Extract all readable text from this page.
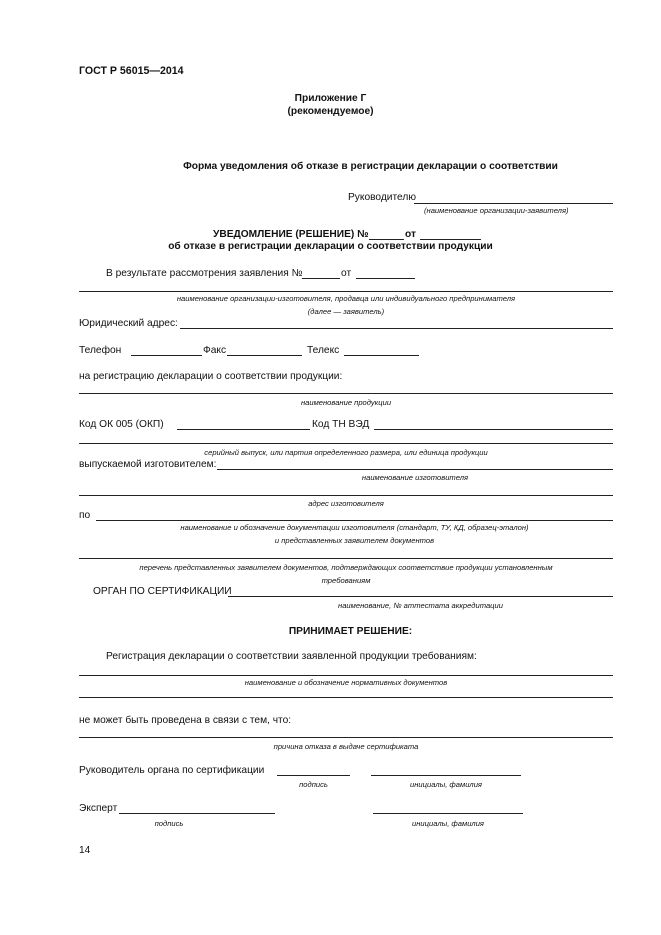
ГОСТ Р 56015—2014
Приложение Г
(рекомендуемое)
Форма уведомления об отказе в регистрации декларации о соответствии
Руководителю
(наименование организации-заявителя)
УВЕДОМЛЕНИЕ (РЕШЕНИЕ) №	от
об отказе в регистрации декларации о соответствии продукции
В результате рассмотрения заявления №	от
наименование организации-изготовителя, продавца или индивидуального предпринимателя
(далее — заявитель)
Юридический адрес:
Телефон	Факс	Телекс
на регистрацию декларации о соответствии продукции:
наименование продукции
Код ОК 005 (ОКП)	Код ТН ВЭД
серийный выпуск, или партия определенного размера, или единица продукции
выпускаемой изготовителем:
наименование изготовителя
адрес изготовителя
по
наименование и обозначение документации изготовителя (стандарт, ТУ, КД, образец-эталон)
и представленных заявителем документов
перечень представленных заявителем документов, подтверждающих соответствие продукции установленным
требованиям
ОРГАН ПО СЕРТИФИКАЦИИ
наименование, № аттестата аккредитации
ПРИНИМАЕТ РЕШЕНИЕ:
Регистрация декларации о соответствии заявленной продукции требованиям:
наименование и обозначение нормативных документов
не может быть проведена в связи с тем, что:
причина отказа в выдаче сертификата
Руководитель органа по сертификации
подпись	инициалы, фамилия
Эксперт
подпись	инициалы, фамилия
14
